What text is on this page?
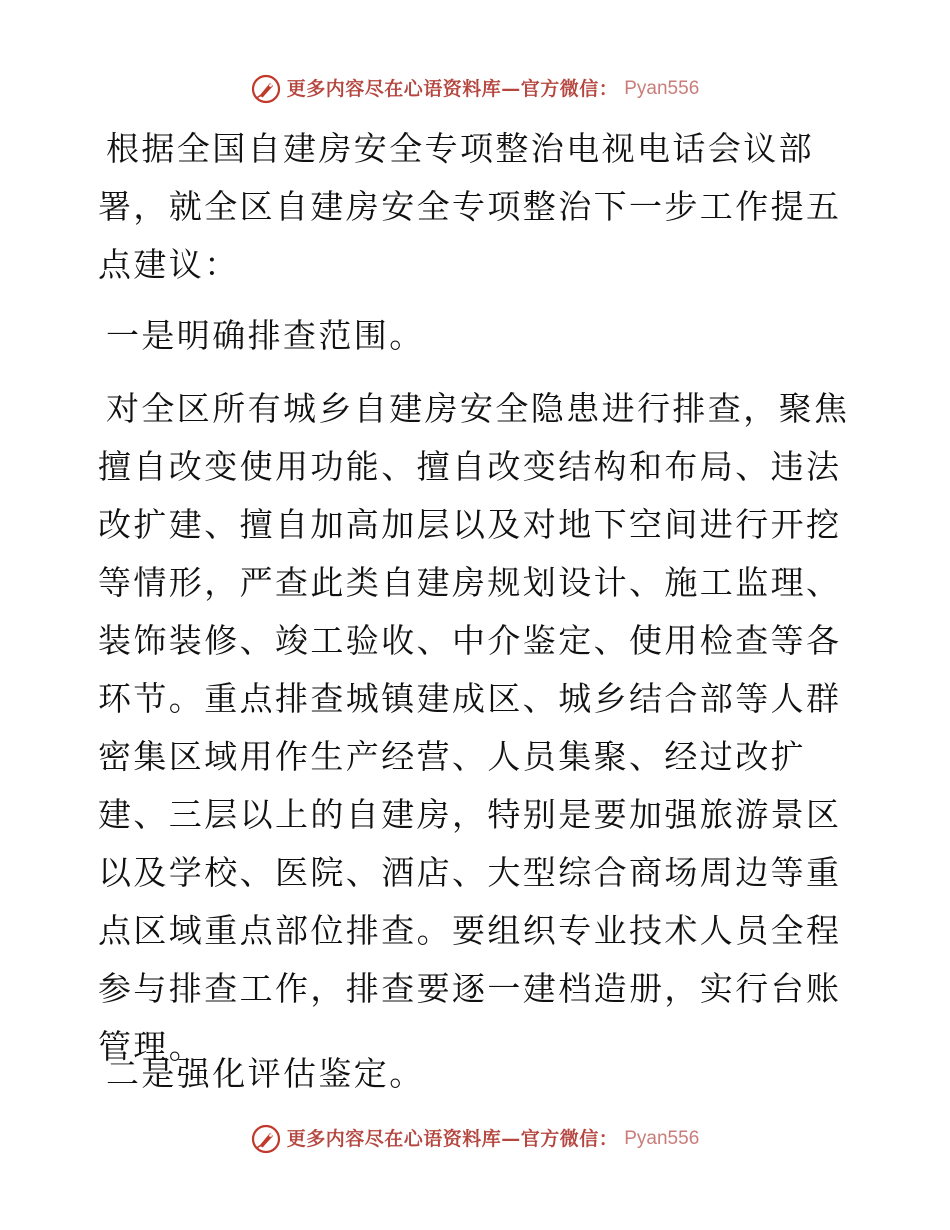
更多内容尽在心语资料库—官方微信： Pyan556

根据全国自建房安全专项整治电视电话会议部署，就全区自建房安全专项整治下一步工作提五点建议：

一是明确排查范围。

对全区所有城乡自建房安全隐患进行排查，聚焦擅自改变使用功能、擅自改变结构和布局、违法改扩建、擅自加高加层以及对地下空间进行开挖等情形，严查此类自建房规划设计、施工监理、装饰装修、竣工验收、中介鉴定、使用检查等各环节。重点排查城镇建成区、城乡结合部等人群密集区域用作生产经营、人员集聚、经过改扩建、三层以上的自建房，特别是要加强旅游景区以及学校、医院、酒店、大型综合商场周边等重点区域重点部位排查。要组织专业技术人员全程参与排查工作，排查要逐一建档造册，实行台账管理。

二是强化评估鉴定。

更多内容尽在心语资料库—官方微信： Pyan556
